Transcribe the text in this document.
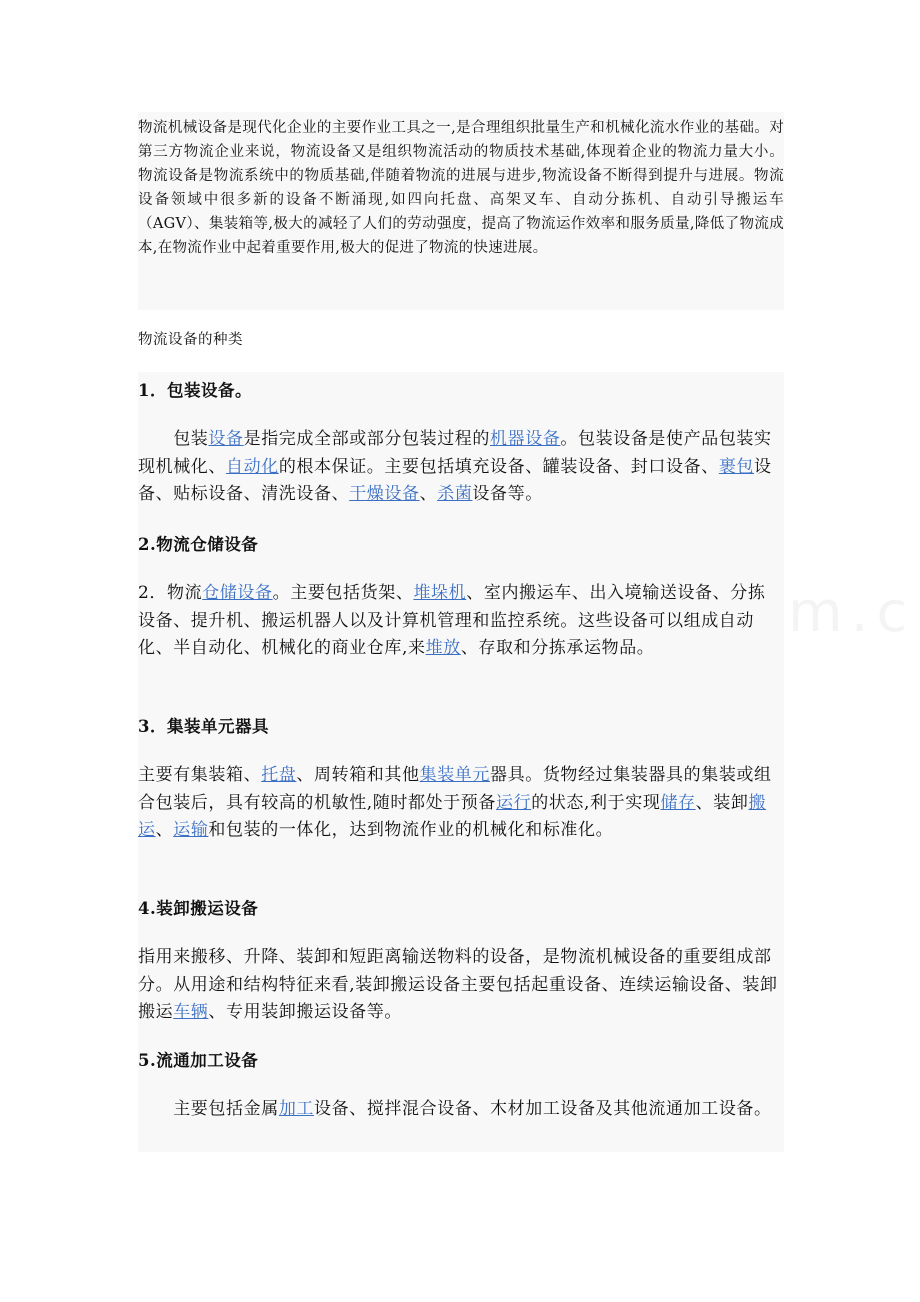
物流机械设备是现代化企业的主要作业工具之一,是合理组织批量生产和机械化流水作业的基础。对第三方物流企业来说，物流设备又是组织物流活动的物质技术基础,体现着企业的物流力量大小。 物流设备是物流系统中的物质基础,伴随着物流的进展与进步,物流设备不断得到提升与进展。物流设备领域中很多新的设备不断涌现,如四向托盘、高架叉车、自动分拣机、自动引导搬运车（AGV）、集装箱等,极大的减轻了人们的劳动强度，提高了物流运作效率和服务质量,降低了物流成本,在物流作业中起着重要作用,极大的促进了物流的快速进展。
物流设备的种类
1．包装设备。
　　包装设备是指完成全部或部分包装过程的机器设备。包装设备是使产品包装实现机械化、自动化的根本保证。主要包括填充设备、罐装设备、封口设备、裹包设备、贴标设备、清洗设备、干燥设备、杀菌设备等。
2.物流仓储设备
2．物流仓储设备。主要包括货架、堆垛机、室内搬运车、出入境输送设备、分拣设备、提升机、搬运机器人以及计算机管理和监控系统。这些设备可以组成自动化、半自动化、机械化的商业仓库,来堆放、存取和分拣承运物品。
3．集装单元器具
主要有集装箱、托盘、周转箱和其他集装单元器具。货物经过集装器具的集装或组合包装后，具有较高的机敏性,随时都处于预备运行的状态,利于实现储存、装卸搬运、运输和包装的一体化，达到物流作业的机械化和标准化。
4.装卸搬运设备
指用来搬移、升降、装卸和短距离输送物料的设备，是物流机械设备的重要组成部分。从用途和结构特征来看,装卸搬运设备主要包括起重设备、连续运输设备、装卸搬运车辆、专用装卸搬运设备等。
5.流通加工设备
　　主要包括金属加工设备、搅拌混合设备、木材加工设备及其他流通加工设备。
